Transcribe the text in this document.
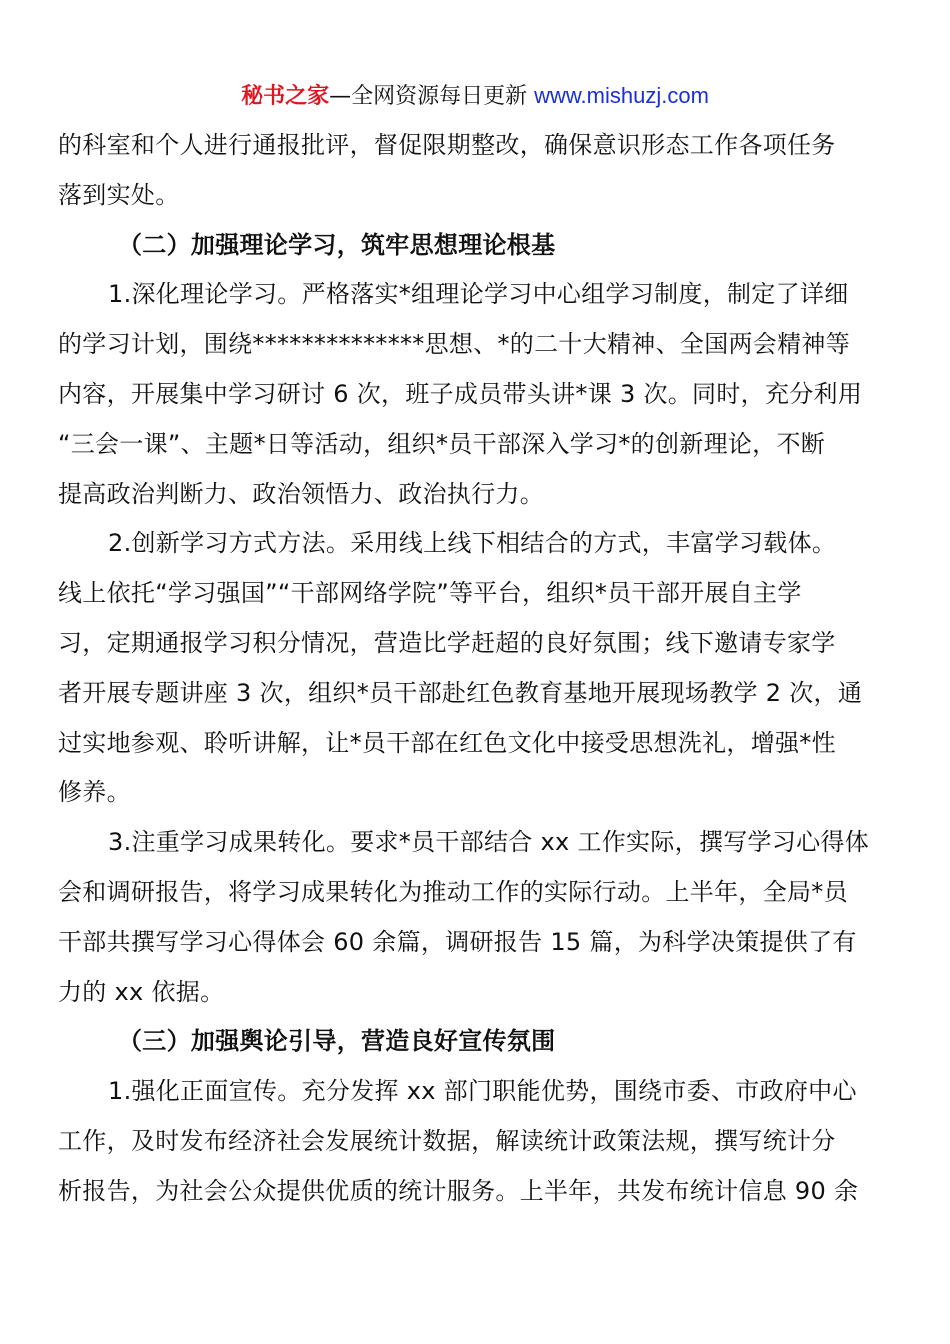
秘书之家—全网资源每日更新 www.mishuzj.com
的科室和个人进行通报批评，督促限期整改，确保意识形态工作各项任务
落到实处。
（二）加强理论学习，筑牢思想理论根基
1.深化理论学习。严格落实*组理论学习中心组学习制度，制定了详细
的学习计划，围绕**************思想、*的二十大精神、全国两会精神等
内容，开展集中学习研讨 6 次，班子成员带头讲*课 3 次。同时，充分利用
“三会一课”、主题*日等活动，组织*员干部深入学习*的创新理论，不断
提高政治判断力、政治领悟力、政治执行力。
2.创新学习方式方法。采用线上线下相结合的方式，丰富学习载体。
线上依托“学习强国”“干部网络学院”等平台，组织*员干部开展自主学
习，定期通报学习积分情况，营造比学赶超的良好氛围；线下邀请专家学
者开展专题讲座 3 次，组织*员干部赴红色教育基地开展现场教学 2 次，通
过实地参观、聆听讲解，让*员干部在红色文化中接受思想洗礼，增强*性
修养。
3.注重学习成果转化。要求*员干部结合 xx 工作实际，撰写学习心得体
会和调研报告，将学习成果转化为推动工作的实际行动。上半年，全局*员
干部共撰写学习心得体会 60 余篇，调研报告 15 篇，为科学决策提供了有
力的 xx 依据。
（三）加强舆论引导，营造良好宣传氛围
1.强化正面宣传。充分发挥 xx 部门职能优势，围绕市委、市政府中心
工作，及时发布经济社会发展统计数据，解读统计政策法规，撰写统计分
析报告，为社会公众提供优质的统计服务。上半年，共发布统计信息 90 余
